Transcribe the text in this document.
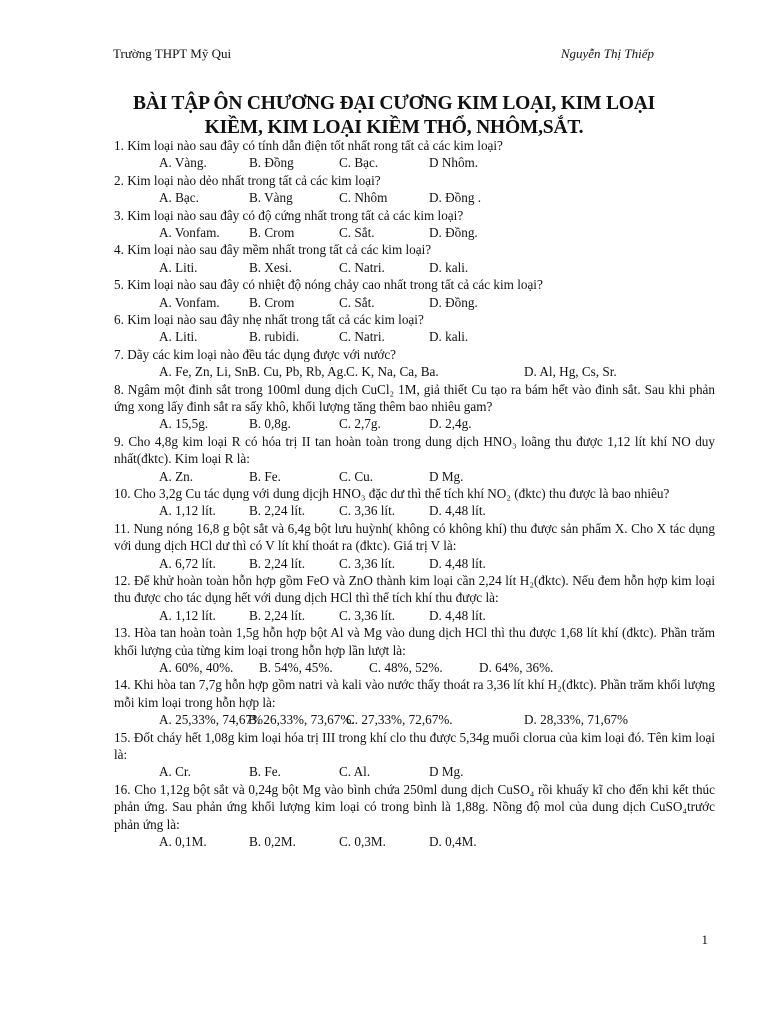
Trường THPT Mỹ Qui	Nguyễn Thị Thiếp
BÀI TẬP ÔN CHƯƠNG ĐẠI CƯƠNG KIM LOẠI, KIM LOẠI
KIỀM, KIM LOẠI KIỀM THỔ, NHÔM,SẮT.
1. Kim loại nào sau đây có tính dẫn điện tốt nhất rong tất cả các kim loại?
A. Vàng.	B. Đồng	C. Bạc.	D Nhôm.
2. Kim loại nào dẻo nhất trong tất cả các kim loại?
A. Bạc.	B. Vàng	C. Nhôm	D. Đồng .
3. Kim loại nào sau đây có độ cứng nhất trong tất cả các kim loại?
A. Vonfam. B. Crom	C. Sắt.	D. Đồng.
4. Kim loại nào sau đây mềm nhất trong tất cả các kim loại?
A. Liti.	B. Xesi.	C. Natri.	D. kali.
5. Kim loại nào sau đây có nhiệt độ nóng chảy cao nhất trong tất cả các kim loại?
A. Vonfam. B. Crom	C. Sắt.	D. Đồng.
6. Kim loại nào sau đây nhẹ nhất trong tất cả các kim loại?
A. Liti.	B. rubidi.	C. Natri.	D. kali.
7. Dãy các kim loại nào đều tác dụng được với nước?
A. Fe, Zn, Li, Sn.
B. Cu, Pb, Rb, Ag. C. K, Na, Ca, Ba.	D. Al, Hg, Cs, Sr.
8. Ngâm một đinh sắt trong 100ml dung dịch CuCl₂ 1M, giả thiết Cu tạo ra bám hết vào đinh sắt. Sau khi phản ứng xong lấy đinh sắt ra sấy khô, khối lượng tăng thêm bao nhiêu gam?
A. 15,5g.	B. 0,8g.	C. 2,7g.	D. 2,4g.
9. Cho 4,8g kim loại R có hóa trị II tan hoàn toàn trong dung dịch HNO₃ loãng thu được 1,12 lít khí NO duy nhất(đktc). Kim loại R là:
A. Zn.	B. Fe.	C. Cu.	D Mg.
10. Cho 3,2g Cu tác dụng với dung dịcjh HNO₃ đặc dư thì thể tích khí NO₂ (đktc) thu được là bao nhiêu?
A. 1,12 lít.	B. 2,24 lít.	C. 3,36 lít.	D. 4,48 lít.
11. Nung nóng 16,8 g bột sắt và 6,4g bột lưu huỳnh( không có không khí) thu được sản phẩm X. Cho X tác dụng với dung dịch HCl dư thì có V lít khí thoát ra (đktc). Giá trị V là:
A. 6,72 lít.	B. 2,24 lít.	C. 3,36 lít.	D. 4,48 lít.
12. Để khử hoàn toàn hỗn hợp gồm FeO và ZnO thành kim loại cần 2,24 lít H₂(đktc). Nếu đem hỗn hợp kim loại thu được cho tác dụng hết với dung dịch HCl thì thể tích khí thu được là:
A. 1,12 lít.	B. 2,24 lít.	C. 3,36 lít.	D. 4,48 lít.
13. Hòa tan hoàn toàn 1,5g hỗn hợp bột Al và Mg vào dung dịch HCl thì thu được 1,68 lít khí (đktc). Phần trăm khối lượng của từng kim loại trong hỗn hợp lần lượt là:
A. 60%, 40%. B. 54%, 45%.	C. 48%, 52%.	D. 64%, 36%.
14. Khi hòa tan 7,7g hỗn hợp gồm natri và kali vào nước thấy thoát ra 3,36 lít khí H₂(đktc). Phần trăm khối lượng mỗi kim loại trong hỗn hợp là:
A. 25,33%, 74,67%.
B. 26,33%, 73,67%.
C. 27,33%, 72,67%.	D. 28,33%, 71,67%
15. Đốt cháy hết 1,08g kim loại hóa trị III trong khí clo thu được 5,34g muối clorua của kim loại đó. Tên kim loại là:
A. Cr.	B. Fe.	C. Al.	D Mg.
16. Cho 1,12g bột sắt và 0,24g bột Mg vào bình chứa 250ml dung dịch CuSO₄ rồi khuấy kĩ cho đến khi kết thúc phản ứng. Sau phản ứng khối lượng kim loại có trong bình là 1,88g. Nồng độ mol của dung dịch CuSO₄trước phản ứng là:
A. 0,1M.	B. 0,2M.	C. 0,3M.	D. 0,4M.
1
